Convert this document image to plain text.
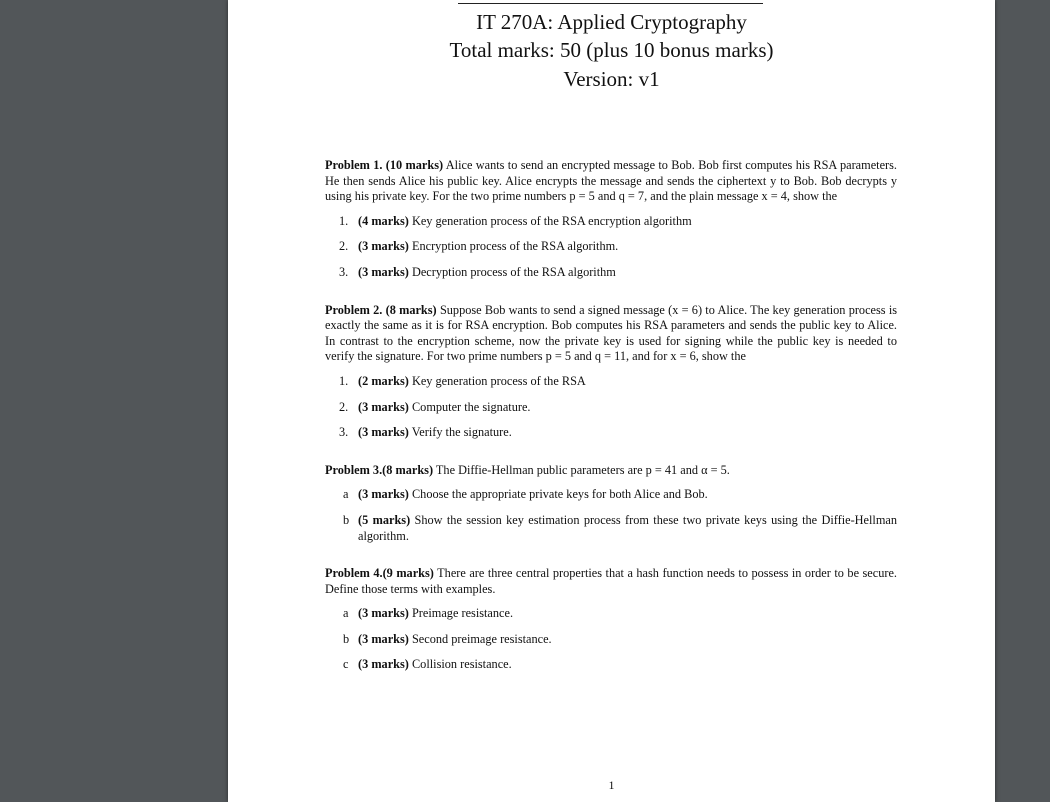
IT 270A: Applied Cryptography
Total marks: 50 (plus 10 bonus marks)
Version: v1

Problem 1. (10 marks) Alice wants to send an encrypted message to Bob. Bob first computes his RSA parameters. He then sends Alice his public key. Alice encrypts the message and sends the ciphertext y to Bob. Bob decrypts y using his private key. For the two prime numbers p = 5 and q = 7, and the plain message x = 4, show the

1. (4 marks) Key generation process of the RSA encryption algorithm
2. (3 marks) Encryption process of the RSA algorithm.
3. (3 marks) Decryption process of the RSA algorithm

Problem 2. (8 marks) Suppose Bob wants to send a signed message (x = 6) to Alice. The key generation process is exactly the same as it is for RSA encryption. Bob computes his RSA parameters and sends the public key to Alice. In contrast to the encryption scheme, now the private key is used for signing while the public key is needed to verify the signature. For two prime numbers p = 5 and q = 11, and for x = 6, show the

1. (2 marks) Key generation process of the RSA
2. (3 marks) Computer the signature.
3. (3 marks) Verify the signature.

Problem 3.(8 marks) The Diffie-Hellman public parameters are p = 41 and α = 5.

a (3 marks) Choose the appropriate private keys for both Alice and Bob.
b (5 marks) Show the session key estimation process from these two private keys using the Diffie-Hellman algorithm.

Problem 4.(9 marks) There are three central properties that a hash function needs to possess in order to be secure. Define those terms with examples.

a (3 marks) Preimage resistance.
b (3 marks) Second preimage resistance.
c (3 marks) Collision resistance.
1
